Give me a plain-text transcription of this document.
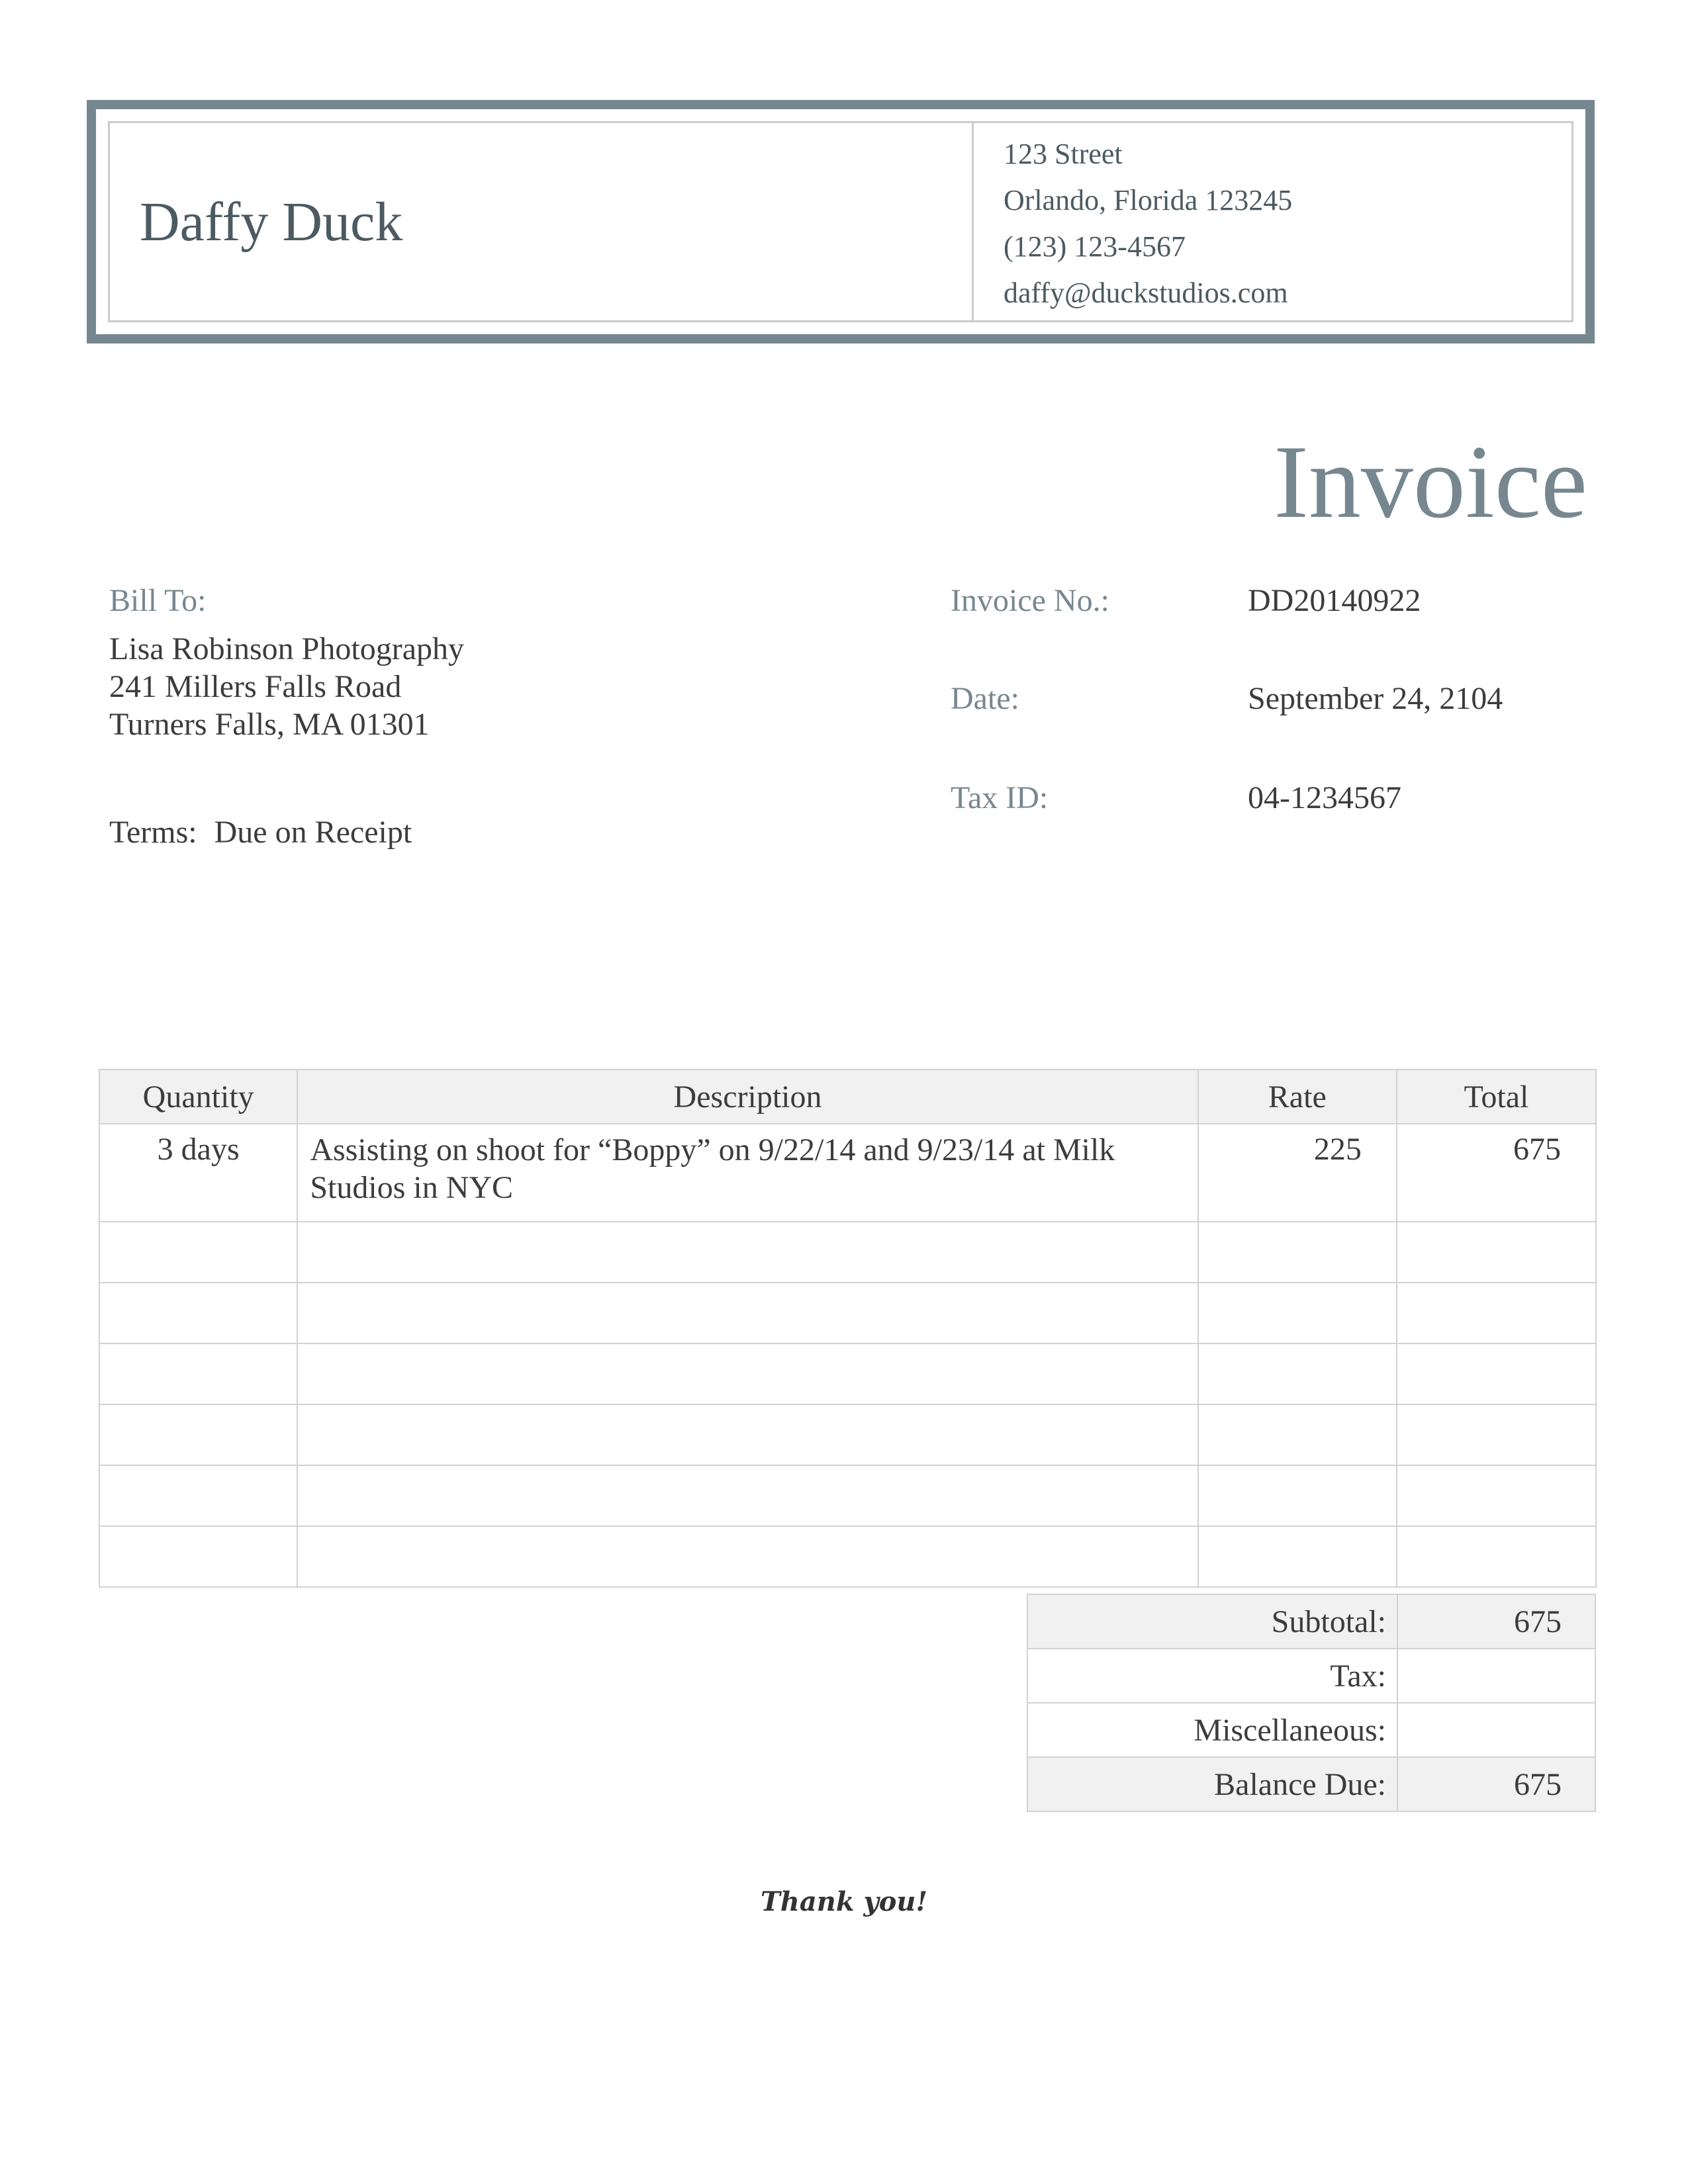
Daffy Duck
123 Street
Orlando, Florida 123245
(123) 123-4567
daffy@duckstudios.com
Invoice
Bill To:
Lisa Robinson Photography
241 Millers Falls Road
Turners Falls, MA 01301
Terms: Due on Receipt
Invoice No.:	DD20140922
Date:	September 24, 2104
Tax ID:	04-1234567
Quantity	Description	Rate	Total
3 days	Assisting on shoot for “Boppy” on 9/22/14 and 9/23/14 at Milk Studios in NYC	225	675

Subtotal:	675
Tax:	
Miscellaneous:	
Balance Due:	675
Thank you!
